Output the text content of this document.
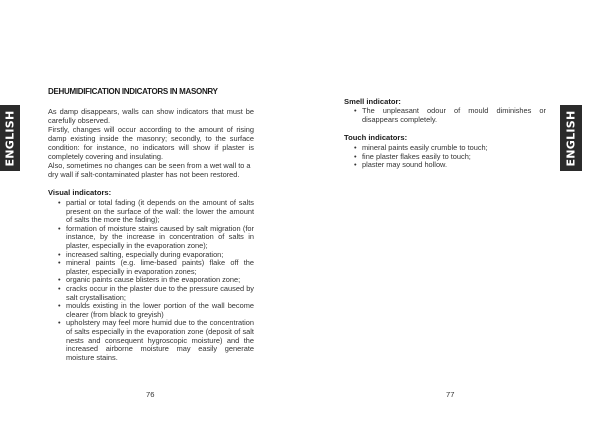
ENGLISH	ENGLISH
DEHUMIDIFICATION INDICATORS IN MASONRY

As damp disappears, walls can show indicators that must be carefully observed.

Firstly, changes will occur according to the amount of rising damp existing inside the masonry; secondly, to the surface condition: for instance, no indicators will show if plaster is completely covering and insulating.

Also, sometimes no changes can be seen from a wet wall to a dry wall if salt-contaminated plaster has not been restored.

Visual indicators:

• partial or total fading (it depends on the amount of salts present on the surface of the wall: the lower the amount of salts the more the fading);
• formation of moisture stains caused by salt migration (for instance, by the increase in concentration of salts in plaster, especially in the evaporation zone);
• increased salting, especially during evaporation;
• mineral paints (e.g. lime-based paints) flake off the plaster, especially in evaporation zones;
• organic paints cause blisters in the evaporation zone;
• cracks occur in the plaster due to the pressure caused by salt crystallisation;
• moulds existing in the lower portion of the wall become clearer (from black to greyish)
• upholstery may feel more humid due to the concentration of salts especially in the evaporation zone (deposit of salt nests and consequent hygroscopic moisture) and the increased airborne moisture may easily generate moisture stains.

Smell indicator:

• The unpleasant odour of mould diminishes or disappears completely.

Touch indicators:

• mineral paints easily crumble to touch;
• fine plaster flakes easily to touch;
• plaster may sound hollow.
76	77
